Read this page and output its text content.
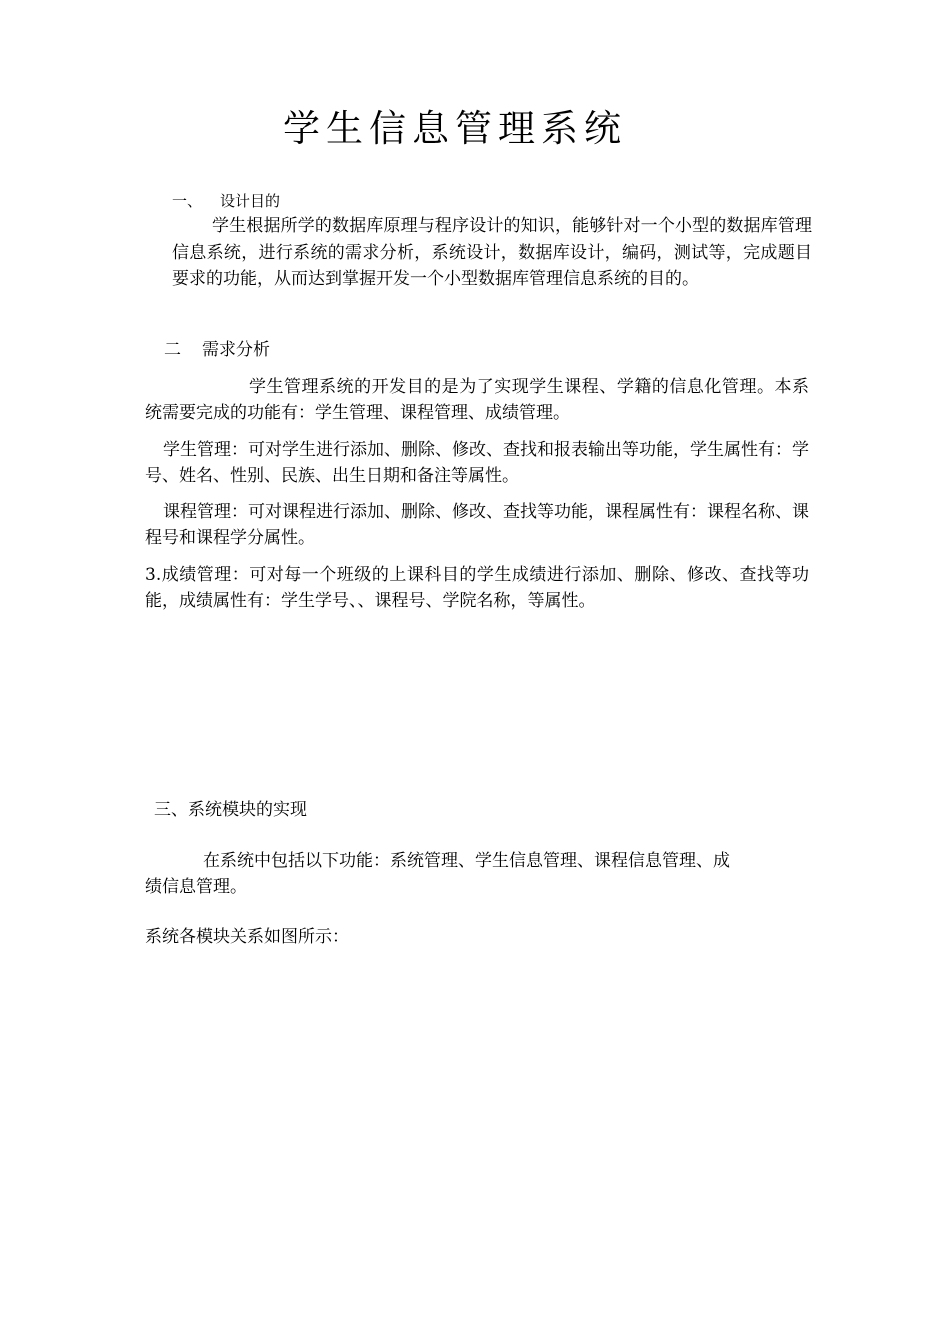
学生信息管理系统
一、 设计目的
学生根据所学的数据库原理与程序设计的知识，能够针对一个小型的数据库管理信息系统，进行系统的需求分析，系统设计，数据库设计，编码，测试等，完成题目要求的功能，从而达到掌握开发一个小型数据库管理信息系统的目的。
二 需求分析
学生管理系统的开发目的是为了实现学生课程、学籍的信息化管理。本系统需要完成的功能有：学生管理、课程管理、成绩管理。
学生管理：可对学生进行添加、删除、修改、查找和报表输出等功能，学生属性有：学号、姓名、性别、民族、出生日期和备注等属性。
课程管理：可对课程进行添加、删除、修改、查找等功能，课程属性有：课程名称、课程号和课程学分属性。
3.成绩管理：可对每一个班级的上课科目的学生成绩进行添加、删除、修改、查找等功能，成绩属性有：学生学号、、课程号、学院名称，等属性。
三、系统模块的实现
在系统中包括以下功能：系统管理、学生信息管理、课程信息管理、成绩信息管理。
系统各模块关系如图所示：
